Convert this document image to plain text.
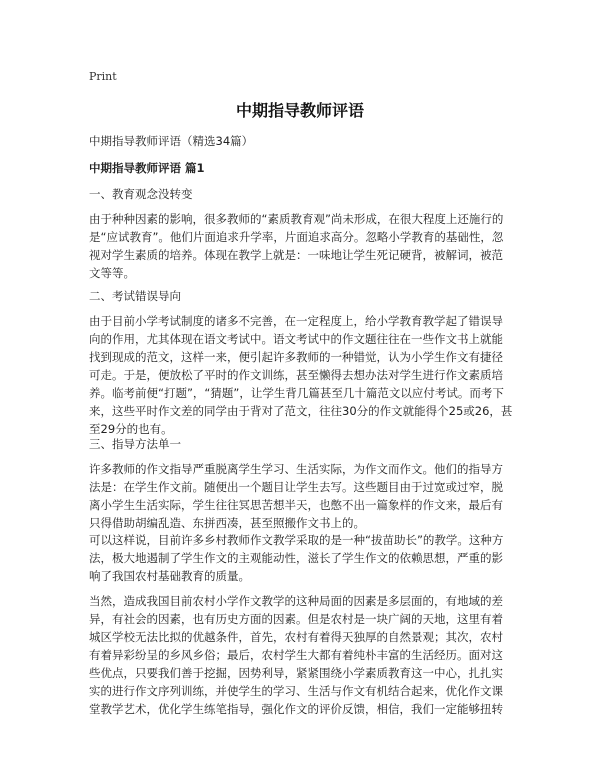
Print
中期指导教师评语
中期指导教师评语（精选34篇）
中期指导教师评语 篇1
一、教育观念没转变
由于种种因素的影响，很多教师的“素质教育观”尚未形成，在很大程度上还施行的
是“应试教育”。他们片面追求升学率，片面追求高分。忽略小学教育的基础性，忽
视对学生素质的培养。体现在教学上就是：一味地让学生死记硬背，被解词，被范
文等等。
二、考试错误导向
由于目前小学考试制度的诸多不完善，在一定程度上，给小学教育教学起了错误导
向的作用，尤其体现在语文考试中。语文考试中的作文题往往在一些作文书上就能
找到现成的范文，这样一来，便引起许多教师的一种错觉，认为小学生作文有捷径
可走。于是，便放松了平时的作文训练，甚至懒得去想办法对学生进行作文素质培
养。临考前便“打题”，“猜题”，让学生背几篇甚至几十篇范文以应付考试。而考下
来，这些平时作文差的同学由于背对了范文，往往30分的作文就能得个25或26，甚
至29分的也有。
三、指导方法单一
许多教师的作文指导严重脱离学生学习、生活实际，为作文而作文。他们的指导方
法是：在学生作文前。随便出一个题目让学生去写。这些题目由于过宽或过窄，脱
离小学生生活实际，学生往往冥思苦想半天，也憋不出一篇象样的作文来，最后有
只得借助胡编乱造、东拼西凑，甚至照搬作文书上的。
可以这样说，目前许多乡村教师作文教学采取的是一种“拔苗助长”的教学。这种方
法，极大地遏制了学生作文的主观能动性，滋长了学生作文的依赖思想，严重的影
响了我国农村基础教育的质量。
当然，造成我国目前农村小学作文教学的这种局面的因素是多层面的，有地域的差
异，有社会的因素，也有历史方面的因素。但是农村是一块广阔的天地，这里有着
城区学校无法比拟的优越条件，首先，农村有着得天独厚的自然景观；其次，农村
有着异彩纷呈的乡风乡俗；最后，农村学生大都有着纯朴丰富的生活经历。面对这
些优点，只要我们善于挖掘，因势利导，紧紧围绕小学素质教育这一中心，扎扎实
实的进行作文序列训练，并使学生的学习、生活与作文有机结合起来，优化作文课
堂教学艺术，优化学生练笔指导，强化作文的评价反馈，相信，我们一定能够扭转
